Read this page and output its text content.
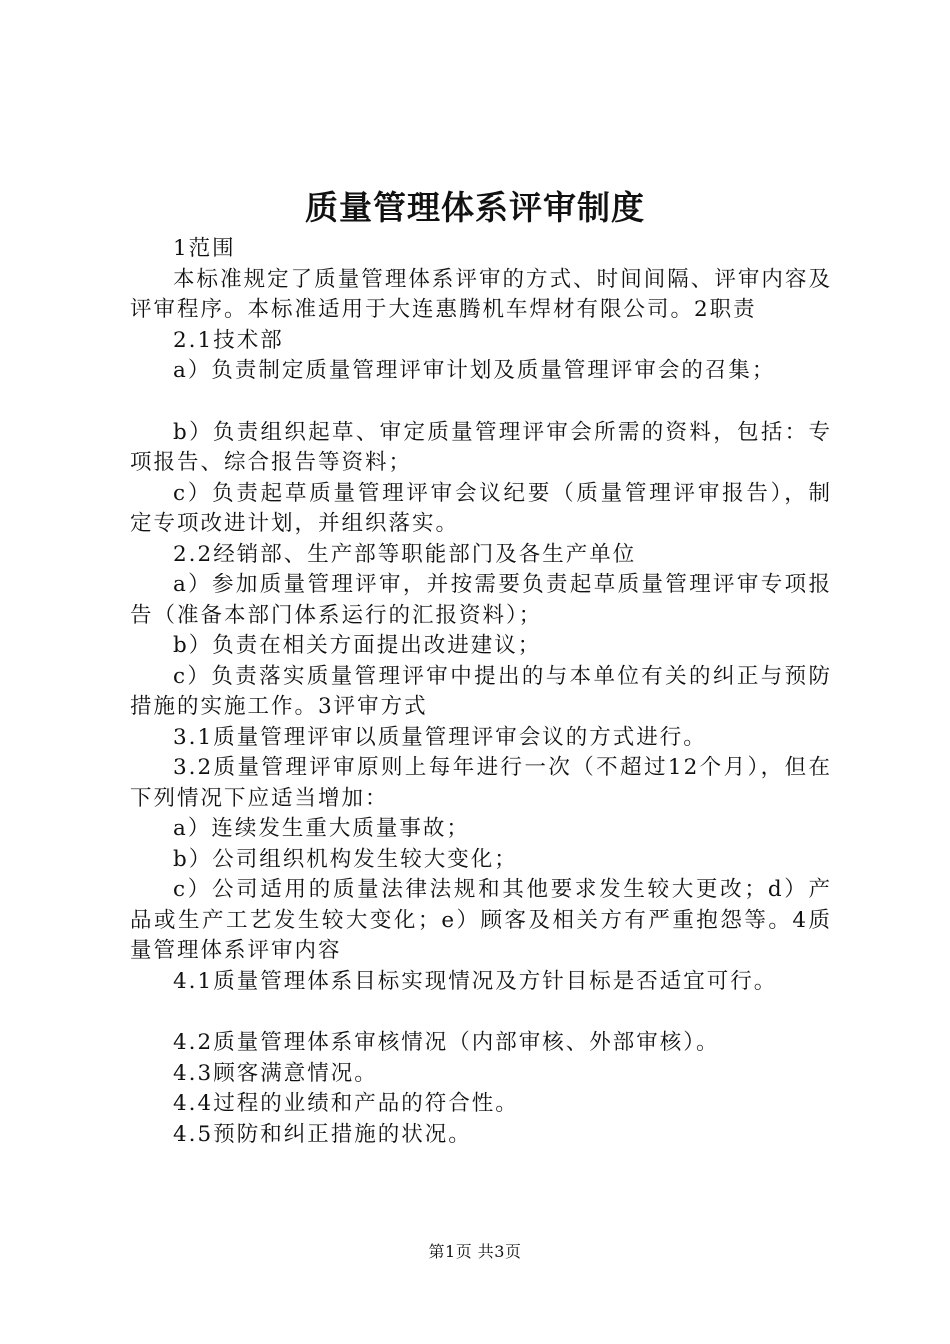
质量管理体系评审制度

1范围

本标准规定了质量管理体系评审的方式、时间间隔、评审内容及评审程序。本标准适用于大连惠腾机车焊材有限公司。2职责

2.1技术部

a）负责制定质量管理评审计划及质量管理评审会的召集；

b）负责组织起草、审定质量管理评审会所需的资料，包括：专项报告、综合报告等资料；

c）负责起草质量管理评审会议纪要（质量管理评审报告），制定专项改进计划，并组织落实。

2.2经销部、生产部等职能部门及各生产单位

a）参加质量管理评审，并按需要负责起草质量管理评审专项报告（准备本部门体系运行的汇报资料）；

b）负责在相关方面提出改进建议；

c）负责落实质量管理评审中提出的与本单位有关的纠正与预防措施的实施工作。3评审方式

3.1质量管理评审以质量管理评审会议的方式进行。

3.2质量管理评审原则上每年进行一次（不超过12个月），但在下列情况下应适当增加：

a）连续发生重大质量事故；

b）公司组织机构发生较大变化；

c）公司适用的质量法律法规和其他要求发生较大更改；d）产品或生产工艺发生较大变化；e）顾客及相关方有严重抱怨等。4质量管理体系评审内容

4.1质量管理体系目标实现情况及方针目标是否适宜可行。

4.2质量管理体系审核情况（内部审核、外部审核）。

4.3顾客满意情况。

4.4过程的业绩和产品的符合性。

4.5预防和纠正措施的状况。

第1页 共3页
